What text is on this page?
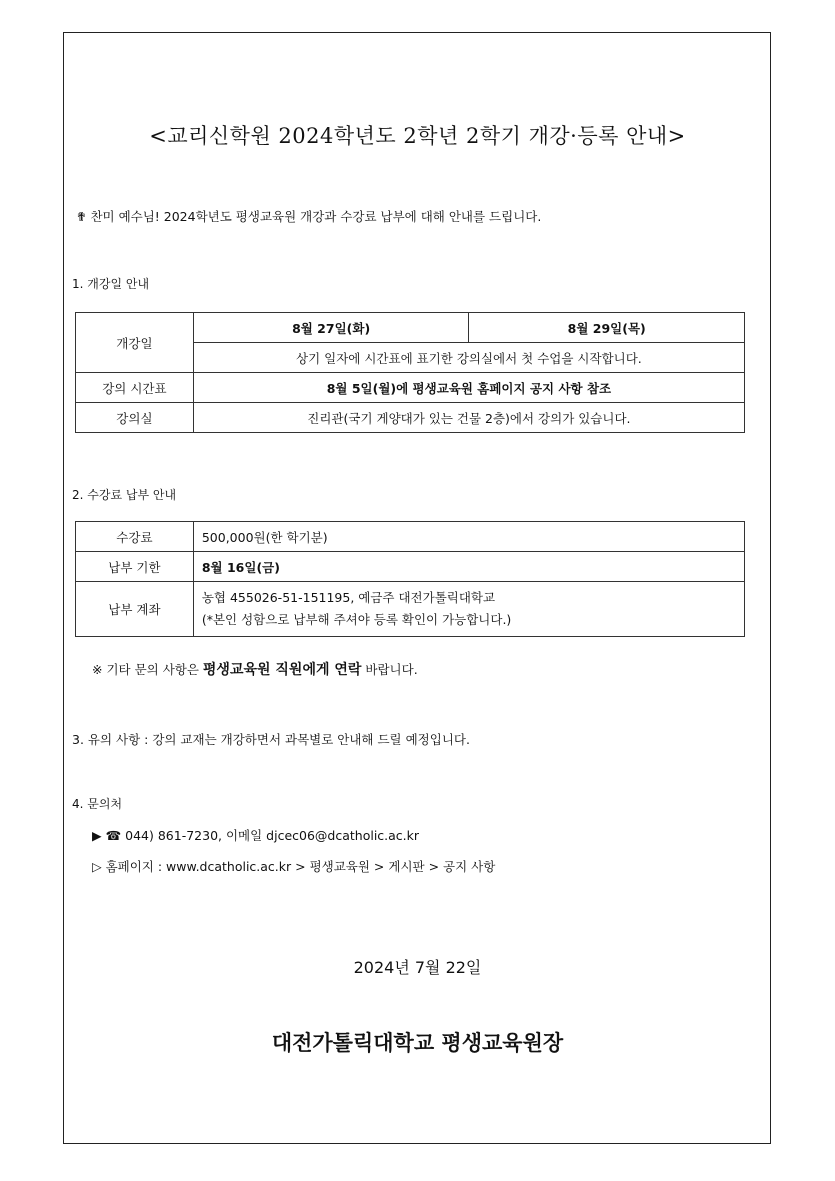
<교리신학원 2024학년도 2학년 2학기 개강·등록 안내>
✟ 찬미 예수님! 2024학년도 평생교육원 개강과 수강료 납부에 대해 안내를 드립니다.
1. 개강일 안내
개강일	8월 27일(화)	8월 29일(목)
	상기 일자에 시간표에 표기한 강의실에서 첫 수업을 시작합니다.	
강의 시간표	8월 5일(월)에 평생교육원 홈페이지 공지 사항 참조	
강의실	진리관(국기 게양대가 있는 건물 2층)에서 강의가 있습니다.	
2. 수강료 납부 안내
수강료	500,000원(한 학기분)
납부 기한	8월 16일(금)
납부 계좌	농협 455026-51-151195, 예금주 대전가톨릭대학교
(*본인 성함으로 납부해 주셔야 등록 확인이 가능합니다.)
※ 기타 문의 사항은 평생교육원 직원에게 연락 바랍니다.
3. 유의 사항 : 강의 교재는 개강하면서 과목별로 안내해 드릴 예정입니다.
4. 문의처
▶ ☎ 044) 861-7230, 이메일 djcec06@dcatholic.ac.kr
▷ 홈페이지 : www.dcatholic.ac.kr > 평생교육원 > 게시판 > 공지 사항
2024년 7월 22일
대전가톨릭대학교 평생교육원장
